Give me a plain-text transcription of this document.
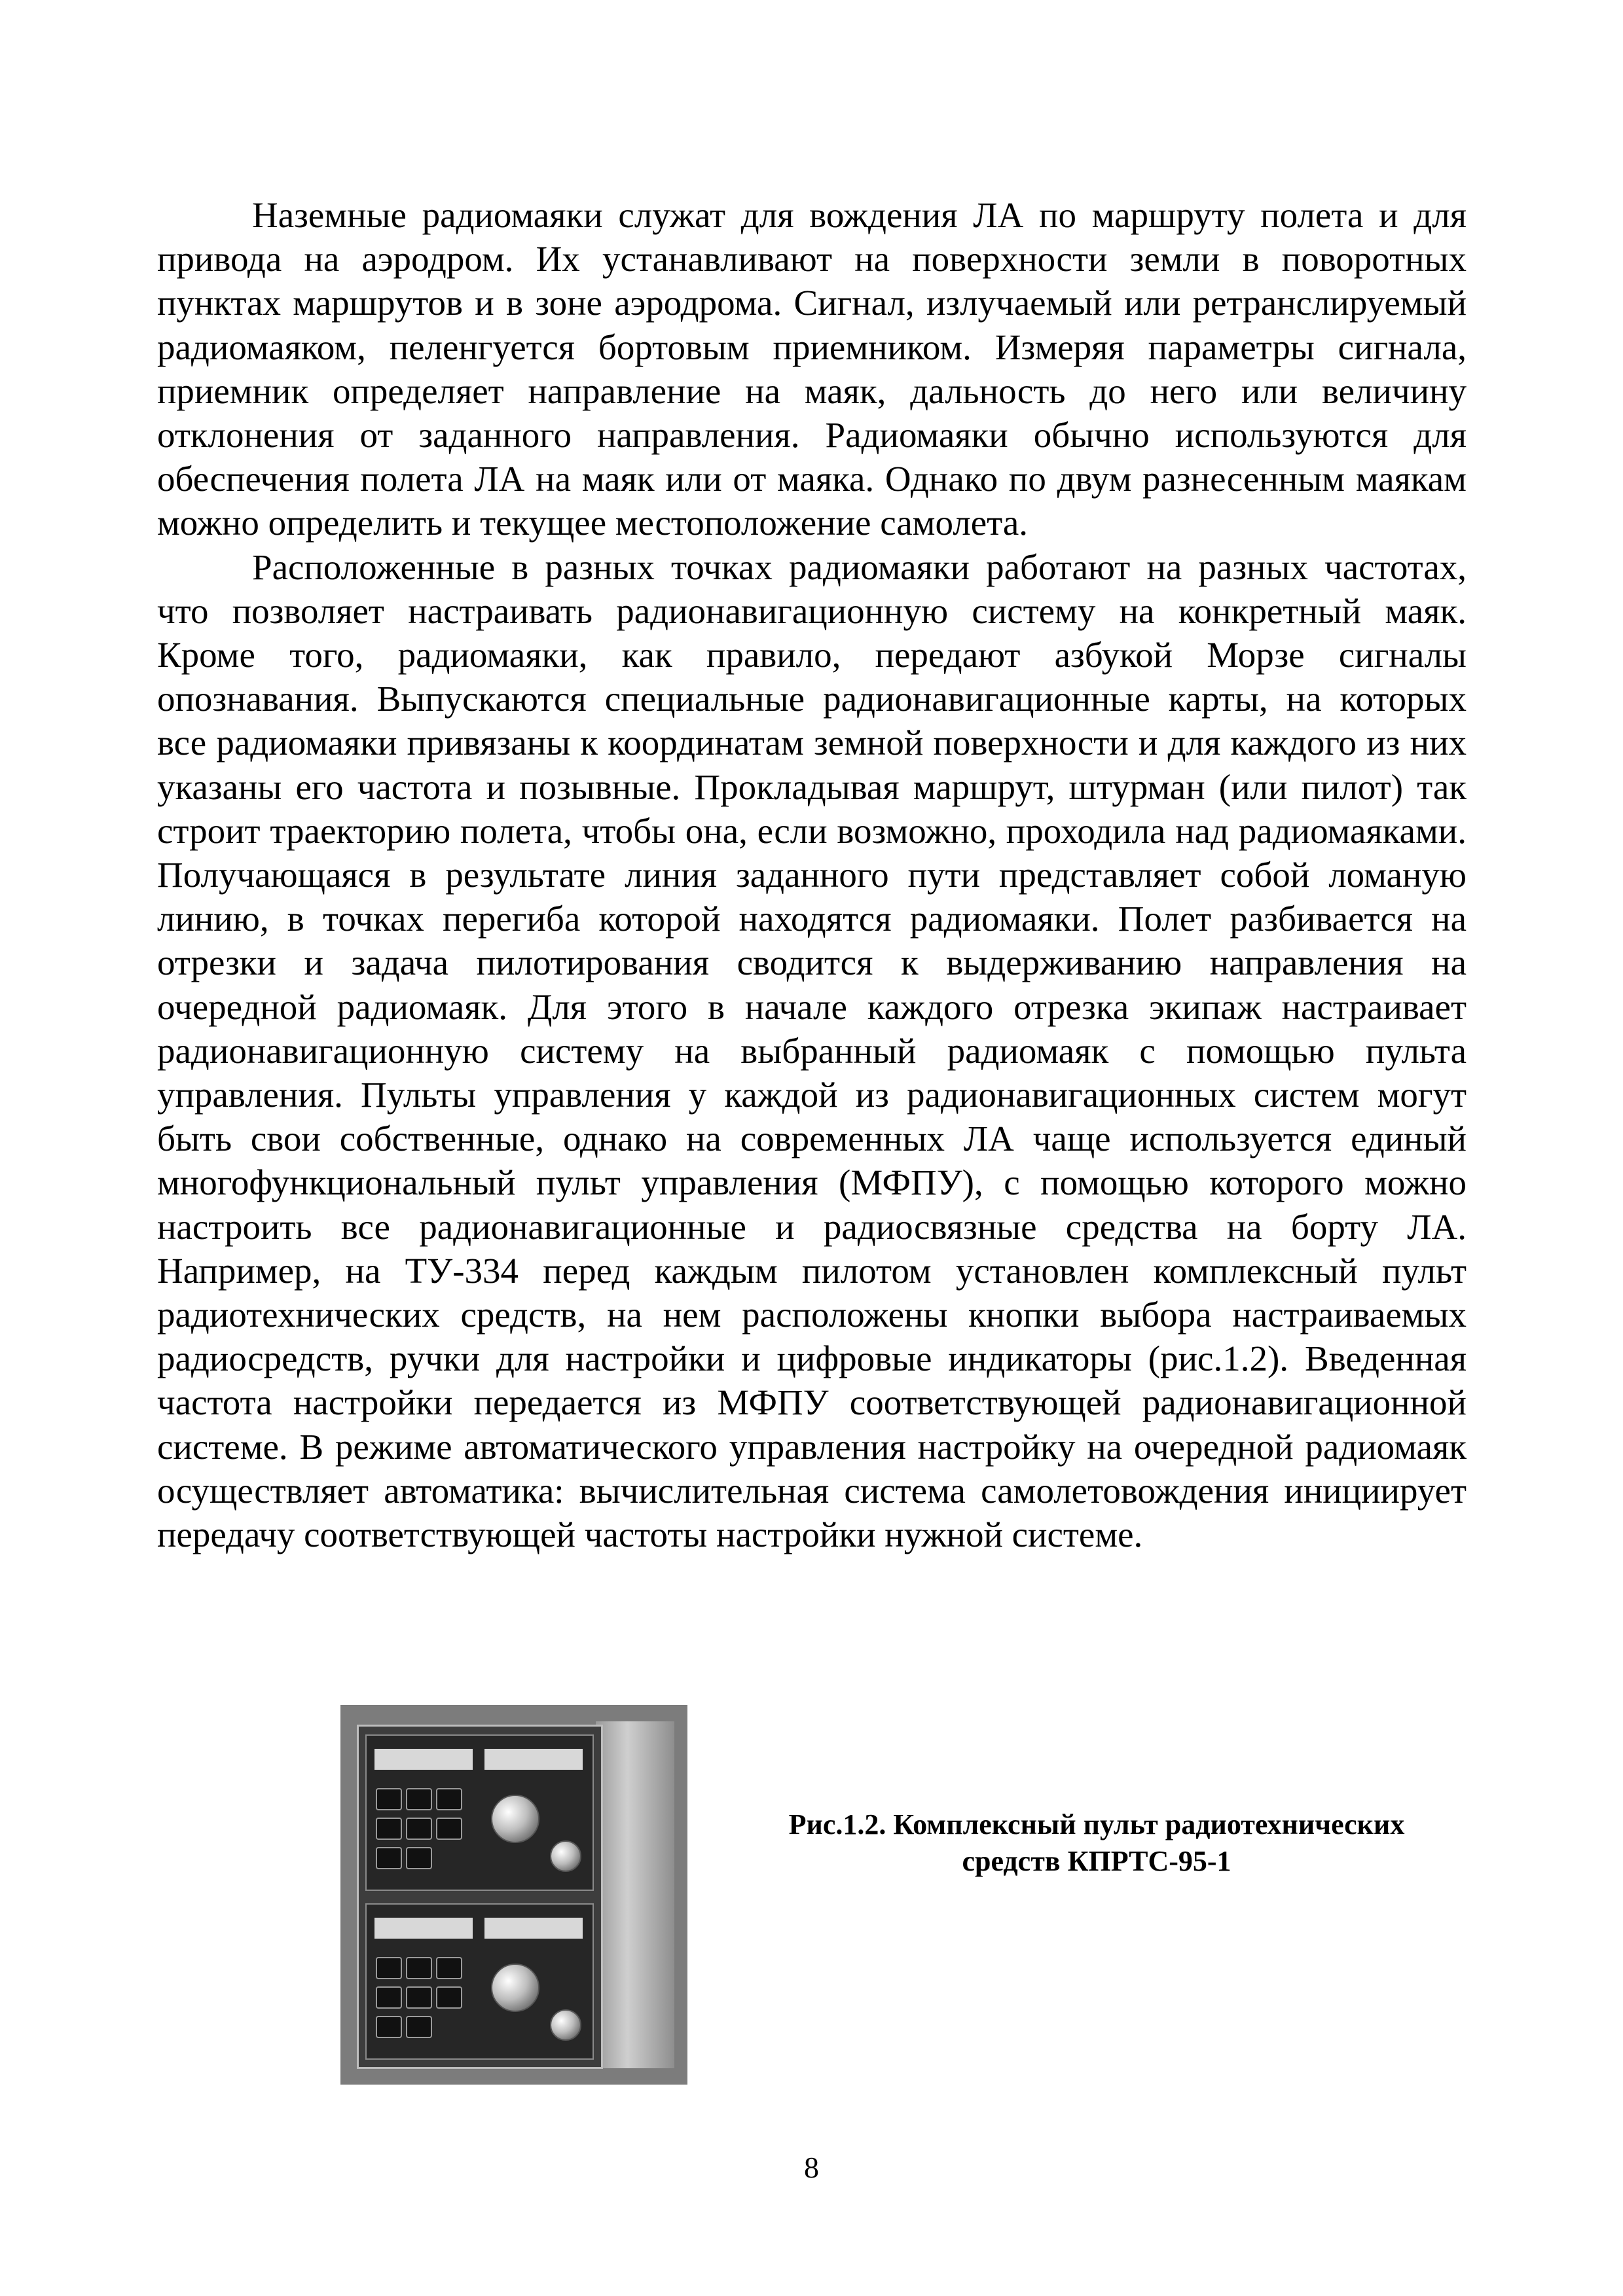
Наземные радиомаяки служат для вождения ЛА по маршруту полета и для привода на аэродром. Их устанавливают на поверхности земли в поворотных пунктах маршрутов и в зоне аэродрома. Сигнал, излучаемый или ретранслируемый радиомаяком, пеленгуется бортовым приемником. Измеряя параметры сигнала, приемник определяет направление на маяк, дальность до него или величину отклонения от заданного направления. Радиомаяки обычно используются для обеспечения полета ЛА на маяк или от маяка. Однако по двум разнесенным маякам можно определить и текущее местоположение самолета.

Расположенные в разных точках радиомаяки работают на разных частотах, что позволяет настраивать радионавигационную систему на конкретный маяк. Кроме того, радиомаяки, как правило, передают азбукой Морзе сигналы опознавания. Выпускаются специальные радионавигационные карты, на которых все радиомаяки привязаны к координатам земной поверхности и для каждого из них указаны его частота и позывные. Прокладывая маршрут, штурман (или пилот) так строит траекторию полета, чтобы она, если возможно, проходила над радиомаяками. Получающаяся в результате линия заданного пути представляет собой ломаную линию, в точках перегиба которой находятся радиомаяки. Полет разбивается на отрезки и задача пилотирования сводится к выдерживанию направления на очередной радиомаяк. Для этого в начале каждого отрезка экипаж настраивает радионавигационную систему на выбранный радиомаяк с помощью пульта управления. Пульты управления у каждой из радионавигационных систем могут быть свои собственные, однако на современных ЛА чаще используется единый многофункциональный пульт управления (МФПУ), с помощью которого можно настроить все радионавигационные и радиосвязные средства на борту ЛА. Например, на ТУ-334 перед каждым пилотом установлен комплексный пульт радиотехнических средств, на нем расположены кнопки выбора настраиваемых радиосредств, ручки для настройки и цифровые индикаторы (рис.1.2). Введенная частота настройки передается из МФПУ соответствующей радионавигационной системе. В режиме автоматического управления настройку на очередной радиомаяк осуществляет автоматика: вычислительная система самолетовождения инициирует передачу соответствующей частоты настройки нужной системе.

Рис.1.2. Комплексный пульт радиотехнических
средств КПРТС-95-1
8
